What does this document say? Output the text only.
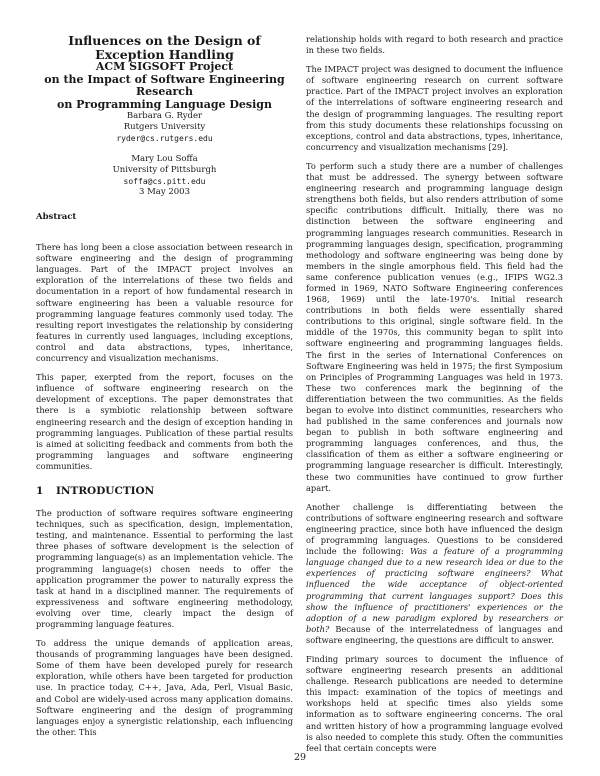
Influences on the Design of
Exception Handling
ACM SIGSOFT Project
on the Impact of Software Engineering
Research
on Programming Language Design
Barbara G. Ryder
Rutgers University
ryder@cs.rutgers.edu
Mary Lou Soffa
University of Pittsburgh
soffa@cs.pitt.edu
3 May 2003
Abstract

There has long been a close association between research in software engineering and the design of programming languages. Part of the IMPACT project involves an exploration of the interrelations of these two fields and documentation in a report of how fundamental research in software engineering has been a valuable resource for programming language features commonly used today. The resulting report investigates the relationship by considering features in currently used languages, including exceptions, control and data abstractions, types, inheritance, concurrency and visualization mechanisms.

This paper, exerpted from the report, focuses on the influence of software engineering research on the development of exceptions. The paper demonstrates that there is a symbiotic relationship between software engineering research and the design of exception handing in programming languages. Publication of these partial results is aimed at soliciting feedback and comments from both the programming languages and software engineering communities.

1 INTRODUCTION

The production of software requires software engineering techniques, such as specification, design, implementation, testing, and maintenance. Essential to performing the last three phases of software development is the selection of programming language(s) as an implementation vehicle. The programming language(s) chosen needs to offer the application programmer the power to naturally express the task at hand in a disciplined manner. The requirements of expressiveness and software engineering methodology, evolving over time, clearly impact the design of programming language features.

To address the unique demands of application areas, thousands of programming languages have been designed. Some of them have been developed purely for research exploration, while others have been targeted for production use. In practice today, C++, Java, Ada, Perl, Visual Basic, and Cobol are widely-used across many application domains. Software engineering and the design of programming languages enjoy a synergistic relationship, each influencing the other. This

relationship holds with regard to both research and practice in these two fields.

The IMPACT project was designed to document the influence of software engineering research on current software practice. Part of the IMPACT project involves an exploration of the interrelations of software engineering research and the design of programming languages. The resulting report from this study documents these relationships focussing on exceptions, control and data abstractions, types, inheritance, concurrency and visualization mechanisms [29].

To perform such a study there are a number of challenges that must be addressed. The synergy between software engineering research and programming language design strengthens both fields, but also renders attribution of some specific contributions difficult. Initially, there was no distinction between the software engineering and programming languages research communities. Research in programming languages design, specification, programming methodology and software engineering was being done by members in the single amorphous field. This field had the same conference publication venues (e.g., IFIPS WG2.3 formed in 1969, NATO Software Engineering conferences 1968, 1969) until the late-1970's. Initial research contributions in both fields were essentially shared contributions to this original, single software field. In the middle of the 1970s, this community began to split into software engineering and programming languages fields. The first in the series of International Conferences on Software Engineering was held in 1975; the first Symposium on Principles of Programming Languages was held in 1973. These two conferences mark the beginning of the differentiation between the two communities. As the fields began to evolve into distinct communities, researchers who had published in the same conferences and journals now began to publish in both software engineering and programming languages conferences, and thus, the classification of them as either a software engineering or programming language researcher is difficult. Interestingly, these two communities have continued to grow further apart.

Another challenge is differentiating between the contributions of software engineering research and software engineering practice, since both have influenced the design of programming languages. Questions to be considered include the following: Was a feature of a programming language changed due to a new research idea or due to the experiences of practicing software engineers? What influenced the wide acceptance of object-oriented programming that current languages support? Does this show the influence of practitioners' experiences or the adoption of a new paradigm explored by researchers or both? Because of the interrelatedness of languages and software engineering, the questions are difficult to answer.

Finding primary sources to document the influence of software engineering research presents an additional challenge. Research publications are needed to determine this impact: examination of the topics of meetings and workshops held at specific times also yields some information as to software engineering concerns. The oral and written history of how a programming language evolved is also needed to complete this study. Often the communities feel that certain concepts were

29
